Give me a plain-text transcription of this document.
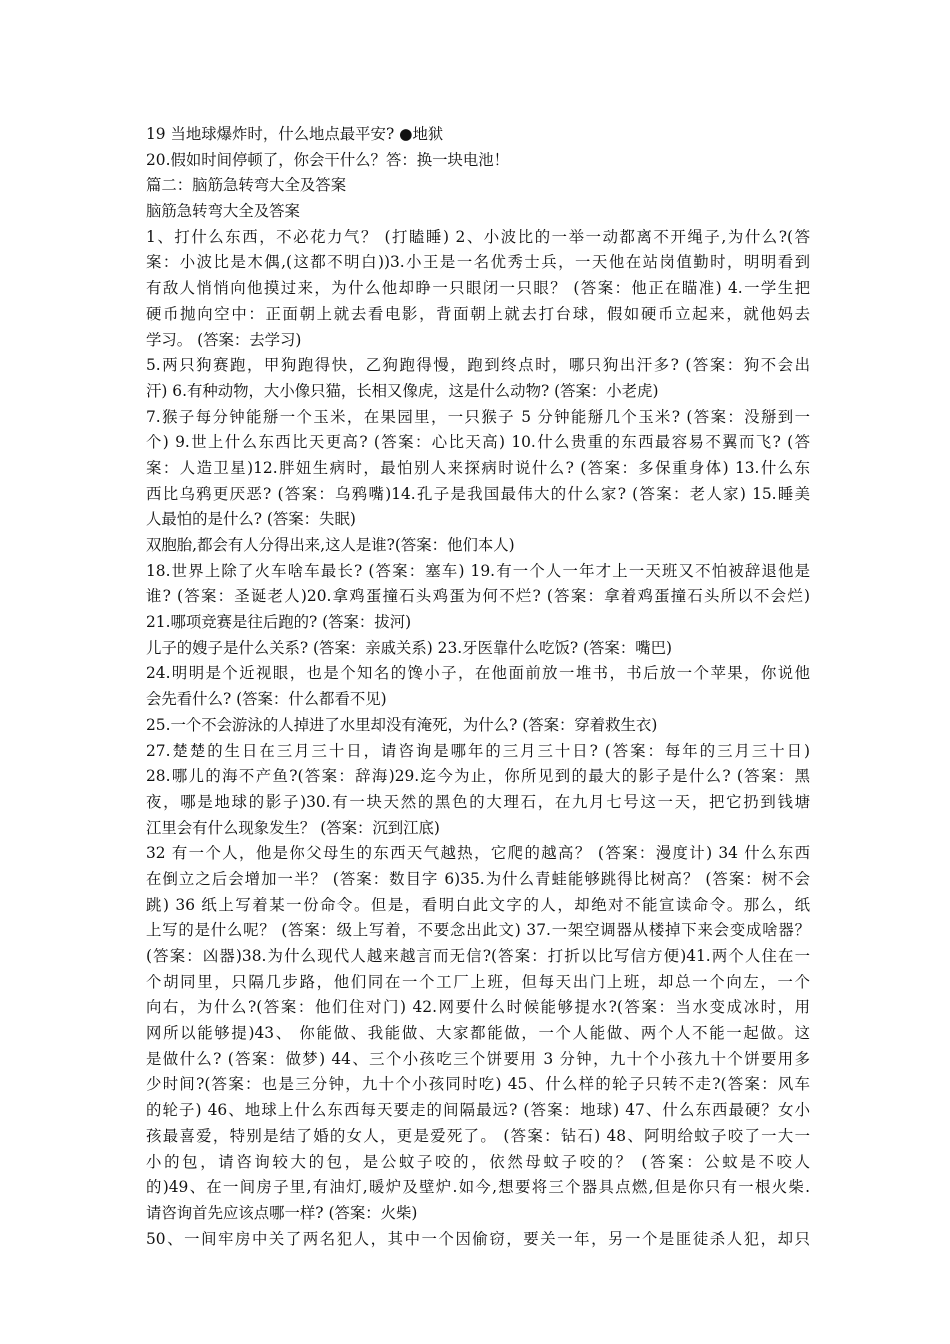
19 当地球爆炸时，什么地点最平安? ●地狱
20.假如时间停顿了，你会干什么？答：换一块电池！
篇二：脑筋急转弯大全及答案
脑筋急转弯大全及答案
1、打什么东西，不必花力气？ (打瞌睡) 2、小波比的一举一动都离不开绳子,为什么?(答
案：小波比是木偶,(这都不明白))3.小王是一名优秀士兵，一天他在站岗值勤时，明明看到
有敌人悄悄向他摸过来，为什么他却睁一只眼闭一只眼？ (答案：他正在瞄准) 4.一学生把
硬币抛向空中：正面朝上就去看电影，背面朝上就去打台球，假如硬币立起来，就他妈去
学习。 (答案：去学习)
5.两只狗赛跑，甲狗跑得快，乙狗跑得慢，跑到终点时，哪只狗出汗多? (答案：狗不会出
汗) 6.有种动物，大小像只猫，长相又像虎，这是什么动物? (答案：小老虎)
7.猴子每分钟能掰一个玉米，在果园里，一只猴子 5 分钟能掰几个玉米? (答案：没掰到一
个) 9.世上什么东西比天更高? (答案：心比天高) 10.什么贵重的东西最容易不翼而飞? (答
案：人造卫星)12.胖妞生病时，最怕别人来探病时说什么? (答案：多保重身体) 13.什么东
西比乌鸦更厌恶? (答案：乌鸦嘴)14.孔子是我国最伟大的什么家? (答案：老人家) 15.睡美
人最怕的是什么? (答案：失眠)
双胞胎,都会有人分得出来,这人是谁?(答案：他们本人)
18.世界上除了火车啥车最长? (答案：塞车) 19.有一个人一年才上一天班又不怕被辞退他是
谁? (答案：圣诞老人)20.拿鸡蛋撞石头鸡蛋为何不烂? (答案：拿着鸡蛋撞石头所以不会烂)
21.哪项竞赛是往后跑的? (答案：拔河)
儿子的嫂子是什么关系? (答案：亲戚关系) 23.牙医靠什么吃饭? (答案：嘴巴)
24.明明是个近视眼，也是个知名的馋小子，在他面前放一堆书，书后放一个苹果，你说他
会先看什么? (答案：什么都看不见)
25.一个不会游泳的人掉进了水里却没有淹死，为什么? (答案：穿着救生衣)
27.楚楚的生日在三月三十日，请咨询是哪年的三月三十日? (答案：每年的三月三十日)
28.哪儿的海不产鱼?(答案：辞海)29.迄今为止，你所见到的最大的影子是什么? (答案：黑
夜，哪是地球的影子)30.有一块天然的黑色的大理石，在九月七号这一天，把它扔到钱塘
江里会有什么现象发生？ (答案：沉到江底)
32 有一个人，他是你父母生的东西天气越热，它爬的越高？ (答案：漫度计) 34 什么东西
在倒立之后会增加一半？ (答案：数目字 6)35.为什么青蛙能够跳得比树高？ (答案：树不会
跳) 36 纸上写着某一份命令。但是，看明白此文字的人，却绝对不能宣读命令。那么，纸
上写的是什么呢？ (答案：级上写着，不要念出此文) 37.一架空调器从楼掉下来会变成啥器？
(答案：凶器)38.为什么现代人越来越言而无信?(答案：打折以比写信方便)41.两个人住在一
个胡同里，只隔几步路，他们同在一个工厂上班，但每天出门上班，却总一个向左，一个
向右，为什么?(答案：他们住对门) 42.网要什么时候能够提水?(答案：当水变成冰时，用
网所以能够提)43、 你能做、我能做、大家都能做，一个人能做、两个人不能一起做。这
是做什么? (答案：做梦) 44、三个小孩吃三个饼要用 3 分钟，九十个小孩九十个饼要用多
少时间?(答案：也是三分钟，九十个小孩同时吃) 45、什么样的轮子只转不走?(答案：风车
的轮子) 46、地球上什么东西每天要走的间隔最远? (答案：地球) 47、什么东西最硬？女小
孩最喜爱，特别是结了婚的女人，更是爱死了。 (答案：钻石) 48、阿明给蚊子咬了一大一
小的包，请咨询较大的包，是公蚊子咬的，依然母蚊子咬的？ (答案：公蚊是不咬人
的)49、在一间房子里,有油灯,暖炉及壁炉.如今,想要将三个器具点燃,但是你只有一根火柴.
请咨询首先应该点哪一样? (答案：火柴)
50、一间牢房中关了两名犯人，其中一个因偷窃，要关一年，另一个是匪徒杀人犯，却只
